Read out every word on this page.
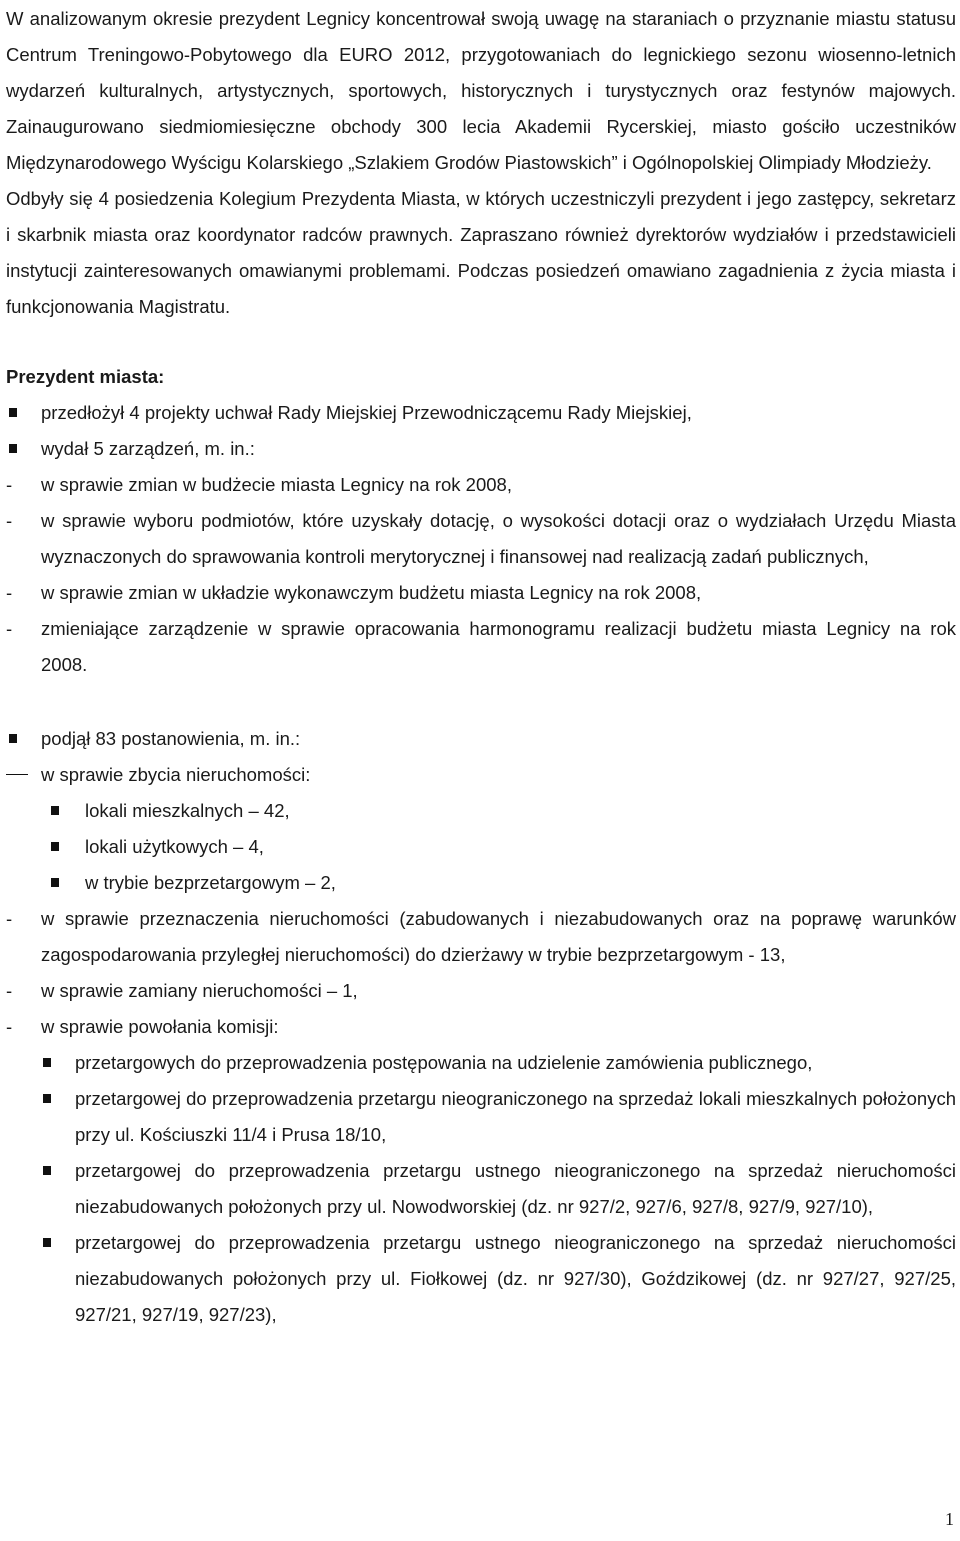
W analizowanym okresie prezydent Legnicy koncentrował swoją uwagę na staraniach o przyznanie miastu statusu Centrum Treningowo-Pobytowego dla EURO 2012, przygotowaniach do legnickiego sezonu wiosenno-letnich wydarzeń kulturalnych, artystycznych, sportowych, historycznych i turystycznych oraz festynów majowych. Zainaugurowano siedmiomiesięczne obchody 300 lecia Akademii Rycerskiej, miasto gościło uczestników Międzynarodowego Wyścigu Kolarskiego „Szlakiem Grodów Piastowskich” i Ogólnopolskiej Olimpiady Młodzieży.

Odbyły się 4 posiedzenia Kolegium Prezydenta Miasta, w których uczestniczyli prezydent i jego zastępcy, sekretarz i skarbnik miasta oraz koordynator radców prawnych. Zapraszano również dyrektorów wydziałów i przedstawicieli instytucji zainteresowanych omawianymi problemami. Podczas posiedzeń omawiano zagadnienia z życia miasta i funkcjonowania Magistratu.

Prezydent miasta:

przedłożył 4 projekty uchwał Rady Miejskiej Przewodniczącemu Rady Miejskiej,
wydał 5 zarządzeń, m. in.:
-
w sprawie zmian w budżecie miasta Legnicy na rok 2008,
-
w sprawie wyboru podmiotów, które uzyskały dotację, o wysokości dotacji oraz o wydziałach Urzędu Miasta wyznaczonych do sprawowania kontroli merytorycznej i finansowej nad realizacją zadań publicznych,
-
w sprawie zmian w układzie wykonawczym budżetu miasta Legnicy na rok 2008,
-
zmieniające zarządzenie w sprawie opracowania harmonogramu realizacji budżetu miasta Legnicy na rok 2008.
podjął 83 postanowienia, m. in.:
w sprawie zbycia nieruchomości:
lokali mieszkalnych – 42,
lokali użytkowych – 4,
w trybie bezprzetargowym – 2,
-
w sprawie przeznaczenia nieruchomości (zabudowanych i niezabudowanych oraz na poprawę warunków zagospodarowania przyległej nieruchomości) do dzierżawy w trybie bezprzetargowym - 13,
-
w sprawie zamiany nieruchomości – 1,
-
w sprawie powołania komisji:
przetargowych do przeprowadzenia postępowania na udzielenie zamówienia publicznego,
przetargowej do przeprowadzenia przetargu nieograniczonego na sprzedaż lokali mieszkalnych położonych przy ul. Kościuszki 11/4 i Prusa 18/10,
przetargowej do przeprowadzenia przetargu ustnego nieograniczonego na sprzedaż nieruchomości niezabudowanych położonych przy ul. Nowodworskiej (dz. nr 927/2, 927/6, 927/8, 927/9, 927/10),
przetargowej do przeprowadzenia przetargu ustnego nieograniczonego na sprzedaż nieruchomości niezabudowanych położonych przy ul. Fiołkowej (dz. nr 927/30), Goździkowej (dz. nr 927/27, 927/25, 927/21, 927/19, 927/23),
1
